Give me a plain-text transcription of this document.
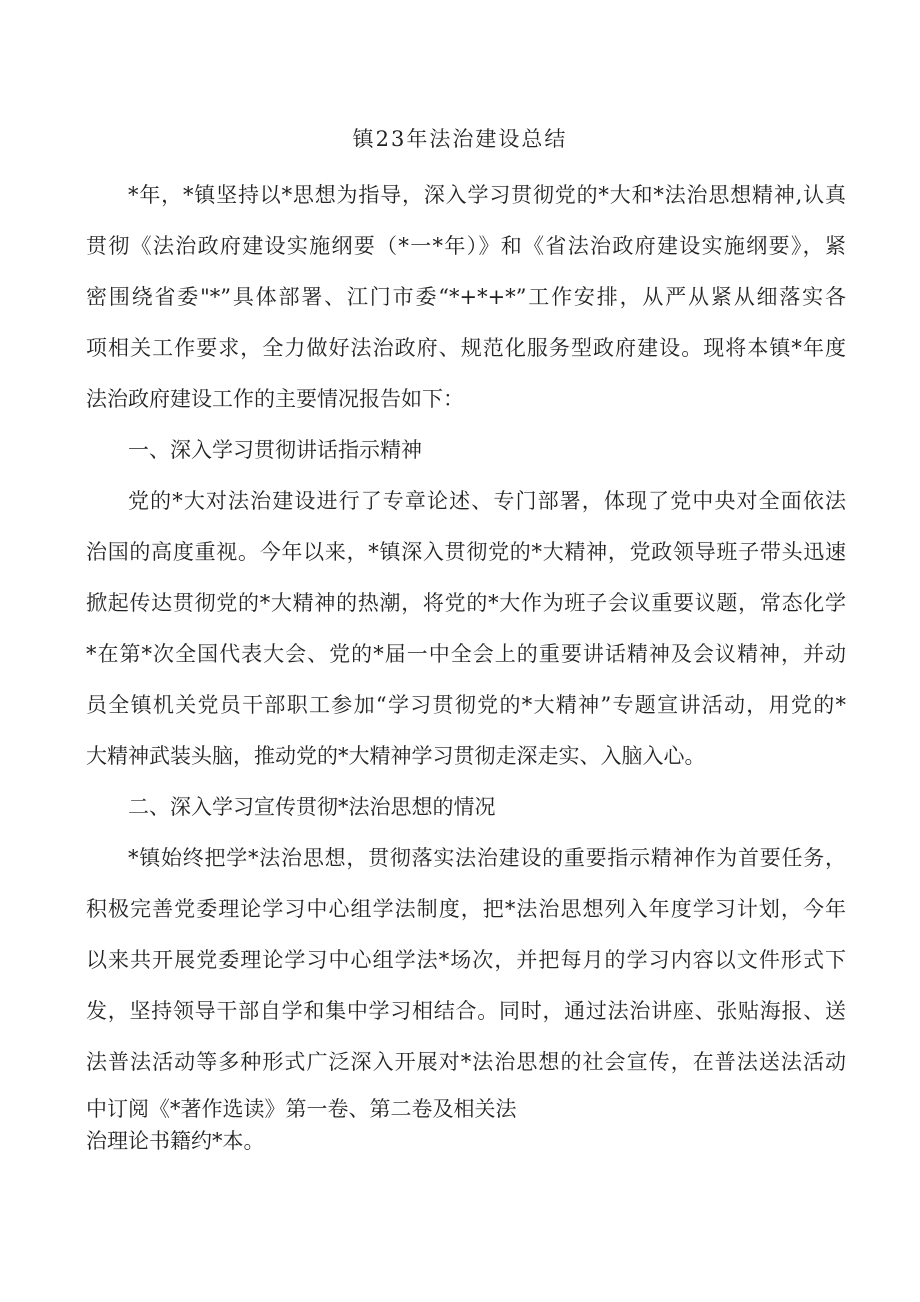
镇23年法治建设总结
*年，*镇坚持以*思想为指导，深入学习贯彻党的*大和*法治思想精神,认真
贯彻《法治政府建设实施纲要（*一*年）》和《省法治政府建设实施纲要》，紧
密围绕省委"*”具体部署、江门市委“*+*+*”工作安排，从严从紧从细落实各
项相关工作要求，全力做好法治政府、规范化服务型政府建设。现将本镇*年度
法治政府建设工作的主要情况报告如下：
一、深入学习贯彻讲话指示精神
党的*大对法治建设进行了专章论述、专门部署，体现了党中央对全面依法
治国的高度重视。今年以来，*镇深入贯彻党的*大精神，党政领导班子带头迅速
掀起传达贯彻党的*大精神的热潮，将党的*大作为班子会议重要议题，常态化学
*在第*次全国代表大会、党的*届一中全会上的重要讲话精神及会议精神，并动
员全镇机关党员干部职工参加“学习贯彻党的*大精神”专题宣讲活动，用党的*
大精神武装头脑，推动党的*大精神学习贯彻走深走实、入脑入心。
二、深入学习宣传贯彻*法治思想的情况
*镇始终把学*法治思想，贯彻落实法治建设的重要指示精神作为首要任务，
积极完善党委理论学习中心组学法制度，把*法治思想列入年度学习计划，今年
以来共开展党委理论学习中心组学法*场次，并把每月的学习内容以文件形式下
发，坚持领导干部自学和集中学习相结合。同时，通过法治讲座、张贴海报、送
法普法活动等多种形式广泛深入开展对*法治思想的社会宣传，在普法送法活动
中订阅《*著作选读》第一卷、第二卷及相关法
治理论书籍约*本。
